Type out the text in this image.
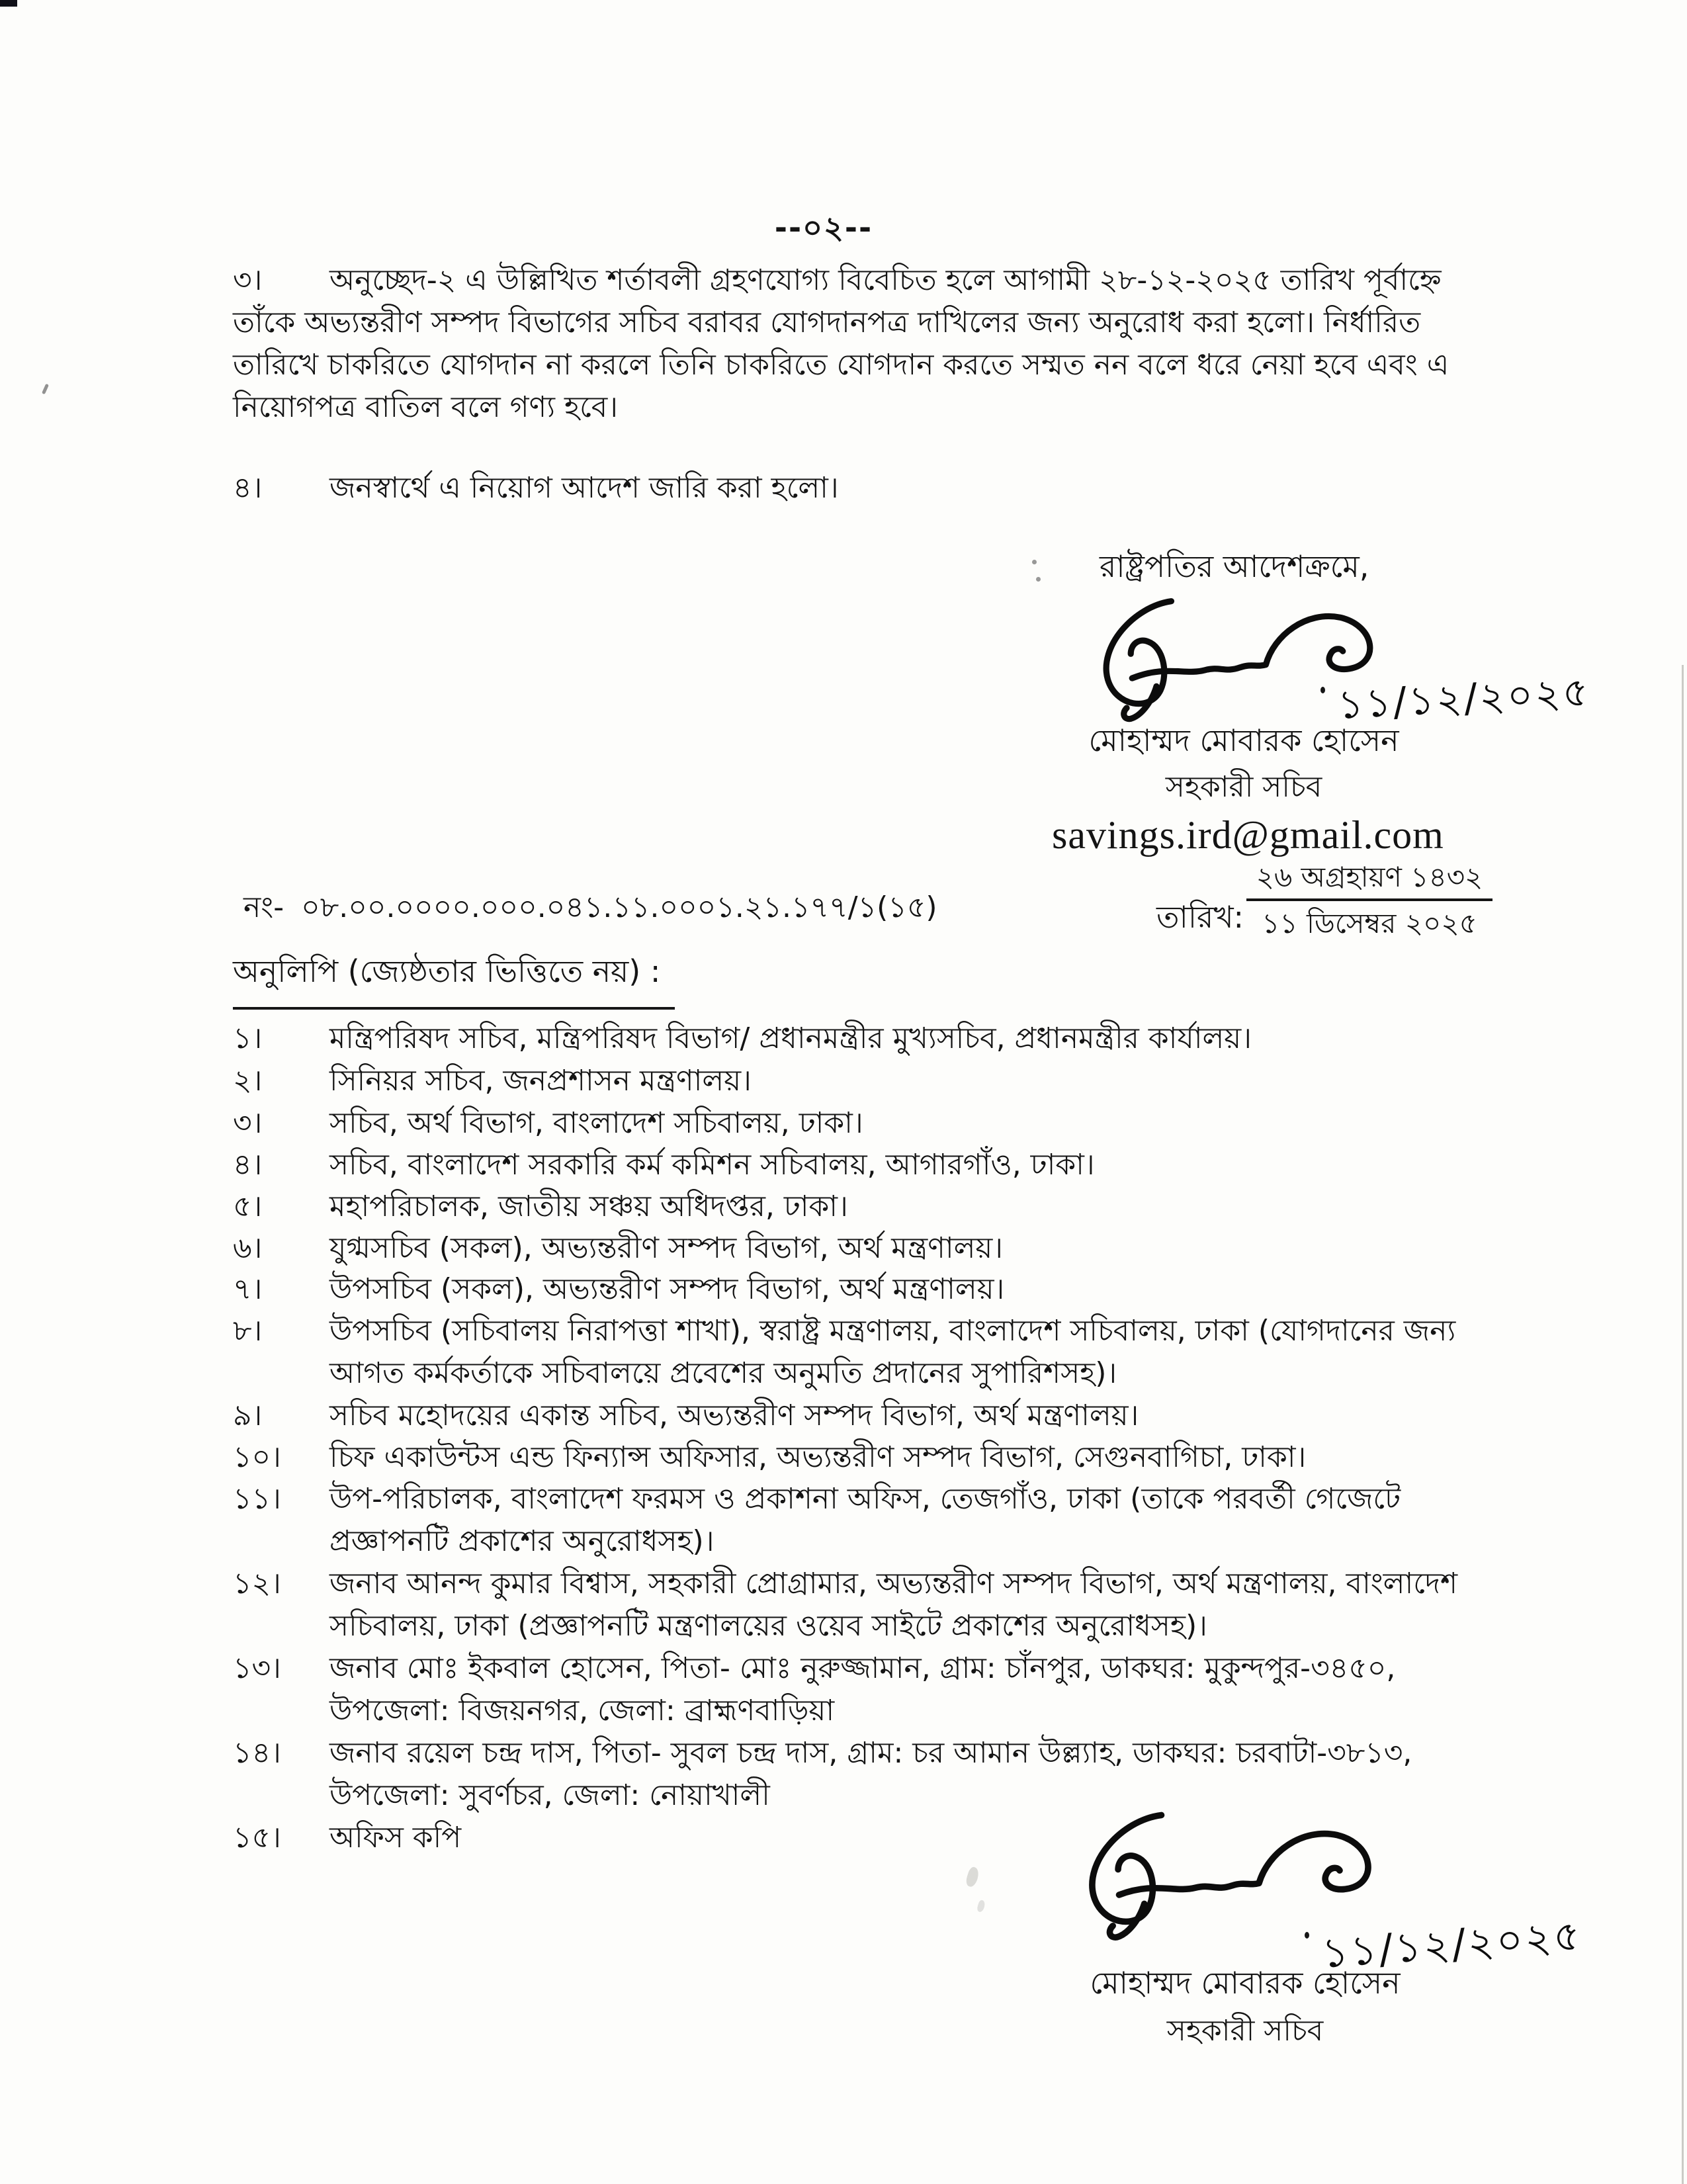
--০২--
৩।	অনুচ্ছেদ-২ এ উল্লিখিত শর্তাবলী গ্রহণযোগ্য বিবেচিত হলে আগামী ২৮-১২-২০২৫ তারিখ পূর্বাহ্নে তাঁকে অভ্যন্তরীণ সম্পদ বিভাগের সচিব বরাবর যোগদানপত্র দাখিলের জন্য অনুরোধ করা হলো। নির্ধারিত তারিখে চাকরিতে যোগদান না করলে তিনি চাকরিতে যোগদান করতে সম্মত নন বলে ধরে নেয়া হবে এবং এ নিয়োগপত্র বাতিল বলে গণ্য হবে।
৪।	জনস্বার্থে এ নিয়োগ আদেশ জারি করা হলো।
রাষ্ট্রপতির আদেশক্রমে,
১১/১২/২০২৫
মোহাম্মদ মোবারক হোসেন
সহকারী সচিব
savings.ird@gmail.com
নং- ০৮.০০.০০০০.০০০.০৪১.১১.০০০১.২১.১৭৭/১(১৫)	তারিখ:
২৬ অগ্রহায়ণ ১৪৩২
১১ ডিসেম্বর ২০২৫
অনুলিপি (জ্যেষ্ঠতার ভিত্তিতে নয়) :
১। মন্ত্রিপরিষদ সচিব, মন্ত্রিপরিষদ বিভাগ/ প্রধানমন্ত্রীর মুখ্যসচিব, প্রধানমন্ত্রীর কার্যালয়।
২। সিনিয়র সচিব, জনপ্রশাসন মন্ত্রণালয়।
৩। সচিব, অর্থ বিভাগ, বাংলাদেশ সচিবালয়, ঢাকা।
৪। সচিব, বাংলাদেশ সরকারি কর্ম কমিশন সচিবালয়, আগারগাঁও, ঢাকা।
৫। মহাপরিচালক, জাতীয় সঞ্চয় অধিদপ্তর, ঢাকা।
৬। যুগ্মসচিব (সকল), অভ্যন্তরীণ সম্পদ বিভাগ, অর্থ মন্ত্রণালয়।
৭। উপসচিব (সকল), অভ্যন্তরীণ সম্পদ বিভাগ, অর্থ মন্ত্রণালয়।
৮। উপসচিব (সচিবালয় নিরাপত্তা শাখা), স্বরাষ্ট্র মন্ত্রণালয়, বাংলাদেশ সচিবালয়, ঢাকা (যোগদানের জন্য আগত কর্মকর্তাকে সচিবালয়ে প্রবেশের অনুমতি প্রদানের সুপারিশসহ)।
৯। সচিব মহোদয়ের একান্ত সচিব, অভ্যন্তরীণ সম্পদ বিভাগ, অর্থ মন্ত্রণালয়।
১০। চিফ একাউন্টস এন্ড ফিন্যান্স অফিসার, অভ্যন্তরীণ সম্পদ বিভাগ, সেগুনবাগিচা, ঢাকা।
১১। উপ-পরিচালক, বাংলাদেশ ফরমস ও প্রকাশনা অফিস, তেজগাঁও, ঢাকা (তাকে পরবর্তী গেজেটে প্রজ্ঞাপনটি প্রকাশের অনুরোধসহ)।
১২। জনাব আনন্দ কুমার বিশ্বাস, সহকারী প্রোগ্রামার, অভ্যন্তরীণ সম্পদ বিভাগ, অর্থ মন্ত্রণালয়, বাংলাদেশ সচিবালয়, ঢাকা (প্রজ্ঞাপনটি মন্ত্রণালয়ের ওয়েব সাইটে প্রকাশের অনুরোধসহ)।
১৩। জনাব মোঃ ইকবাল হোসেন, পিতা- মোঃ নুরুজ্জামান, গ্রাম: চাঁনপুর, ডাকঘর: মুকুন্দপুর-৩৪৫০, উপজেলা: বিজয়নগর, জেলা: ব্রাহ্মণবাড়িয়া
১৪। জনাব রয়েল চন্দ্র দাস, পিতা- সুবল চন্দ্র দাস, গ্রাম: চর আমান উল্ল্যাহ, ডাকঘর: চরবাটা-৩৮১৩, উপজেলা: সুবর্ণচর, জেলা: নোয়াখালী
১৫। অফিস কপি
১১/১২/২০২৫
মোহাম্মদ মোবারক হোসেন
সহকারী সচিব
